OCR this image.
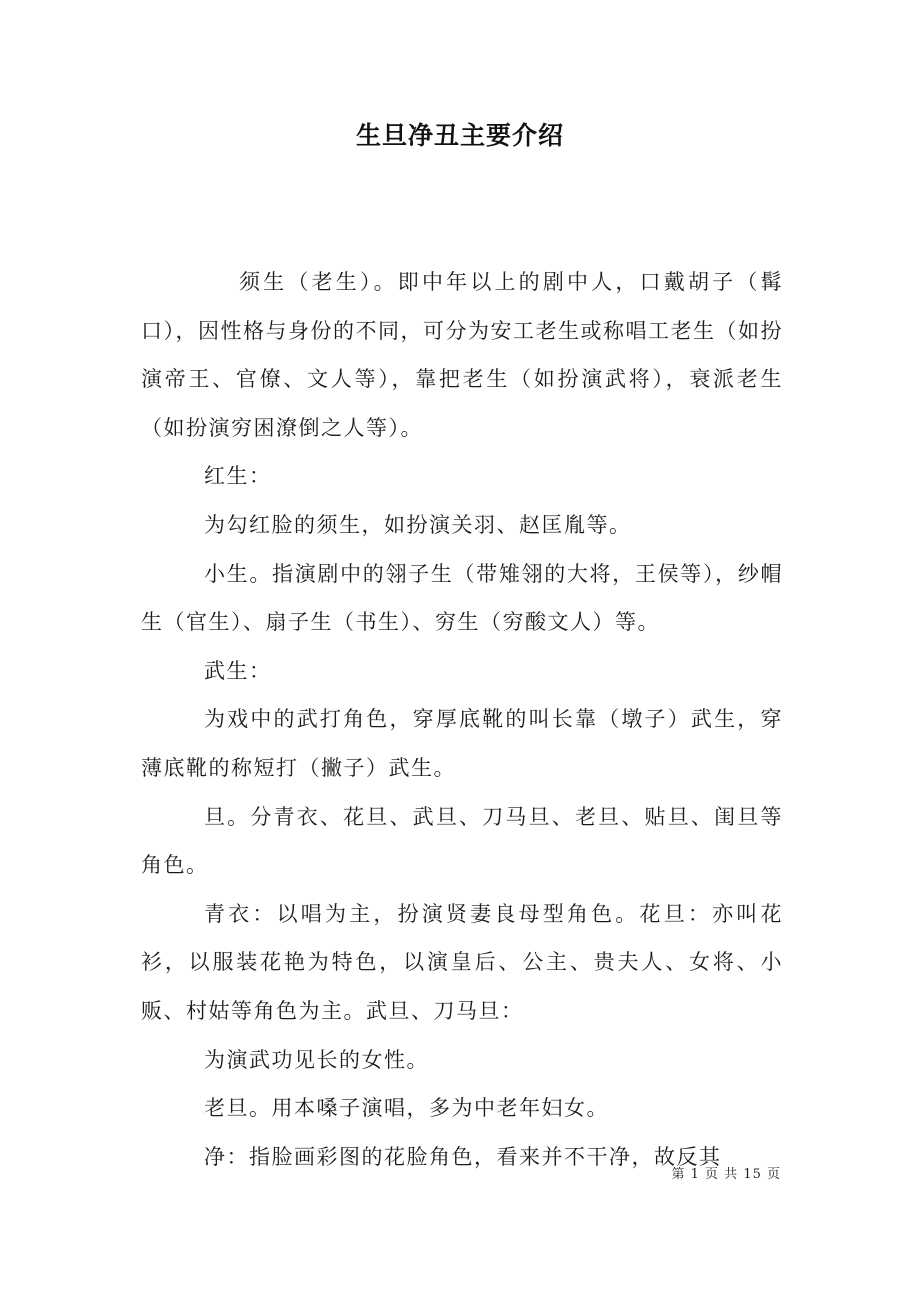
生旦净丑主要介绍

须生（老生）。即中年以上的剧中人，口戴胡子（髯口），因性格与身份的不同，可分为安工老生或称唱工老生（如扮演帝王、官僚、文人等），靠把老生（如扮演武将），衰派老生（如扮演穷困潦倒之人等）。

红生：

为勾红脸的须生，如扮演关羽、赵匡胤等。

小生。指演剧中的翎子生（带雉翎的大将，王侯等），纱帽生（官生）、扇子生（书生）、穷生（穷酸文人）等。

武生：

为戏中的武打角色，穿厚底靴的叫长靠（墩子）武生，穿薄底靴的称短打（撇子）武生。

旦。分青衣、花旦、武旦、刀马旦、老旦、贴旦、闺旦等角色。

青衣：以唱为主，扮演贤妻良母型角色。花旦：亦叫花衫，以服装花艳为特色，以演皇后、公主、贵夫人、女将、小贩、村姑等角色为主。武旦、刀马旦：

为演武功见长的女性。

老旦。用本嗓子演唱，多为中老年妇女。

净：指脸画彩图的花脸角色，看来并不干净，故反其

第 1 页 共 15 页
